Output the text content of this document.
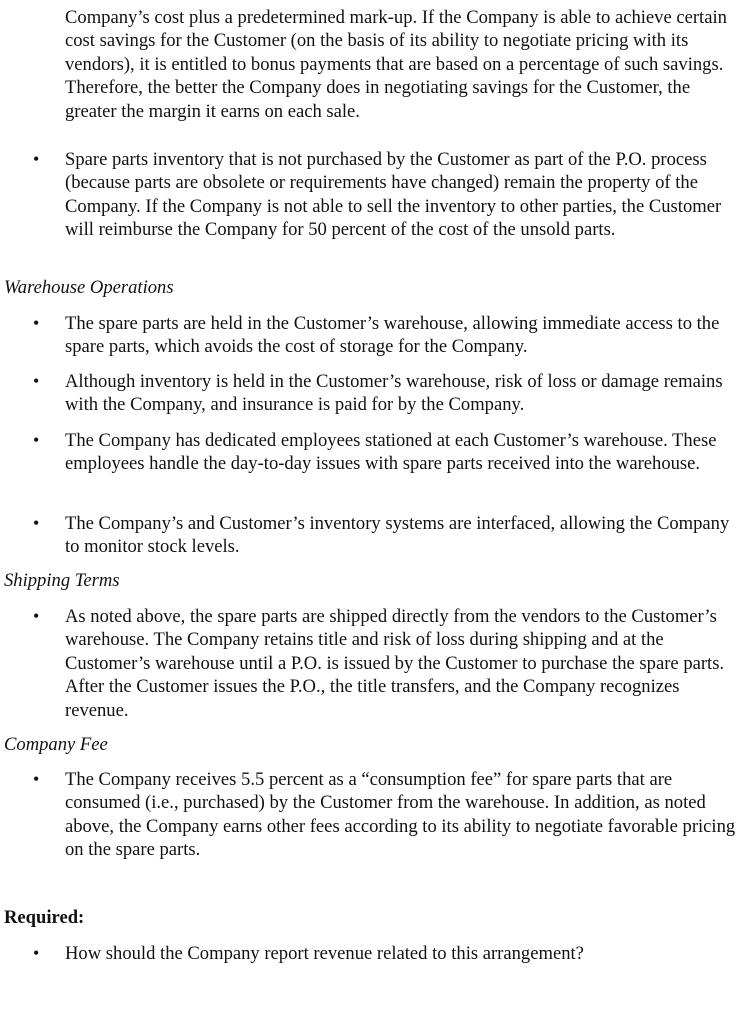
Company’s cost plus a predetermined mark-up. If the Company is able to achieve certain cost savings for the Customer (on the basis of its ability to negotiate pricing with its vendors), it is entitled to bonus payments that are based on a percentage of such savings. Therefore, the better the Company does in negotiating savings for the Customer, the greater the margin it earns on each sale.

• Spare parts inventory that is not purchased by the Customer as part of the P.O. process (because parts are obsolete or requirements have changed) remain the property of the Company. If the Company is not able to sell the inventory to other parties, the Customer will reimburse the Company for 50 percent of the cost of the unsold parts.

Warehouse Operations

• The spare parts are held in the Customer’s warehouse, allowing immediate access to the spare parts, which avoids the cost of storage for the Company.

• Although inventory is held in the Customer’s warehouse, risk of loss or damage remains with the Company, and insurance is paid for by the Company.

• The Company has dedicated employees stationed at each Customer’s warehouse. These employees handle the day-to-day issues with spare parts received into the warehouse.

• The Company’s and Customer’s inventory systems are interfaced, allowing the Company to monitor stock levels.

Shipping Terms

• As noted above, the spare parts are shipped directly from the vendors to the Customer’s warehouse. The Company retains title and risk of loss during shipping and at the Customer’s warehouse until a P.O. is issued by the Customer to purchase the spare parts. After the Customer issues the P.O., the title transfers, and the Company recognizes revenue.

Company Fee

• The Company receives 5.5 percent as a “consumption fee” for spare parts that are consumed (i.e., purchased) by the Customer from the warehouse. In addition, as noted above, the Company earns other fees according to its ability to negotiate favorable pricing on the spare parts.

Required:

• How should the Company report revenue related to this arrangement?
